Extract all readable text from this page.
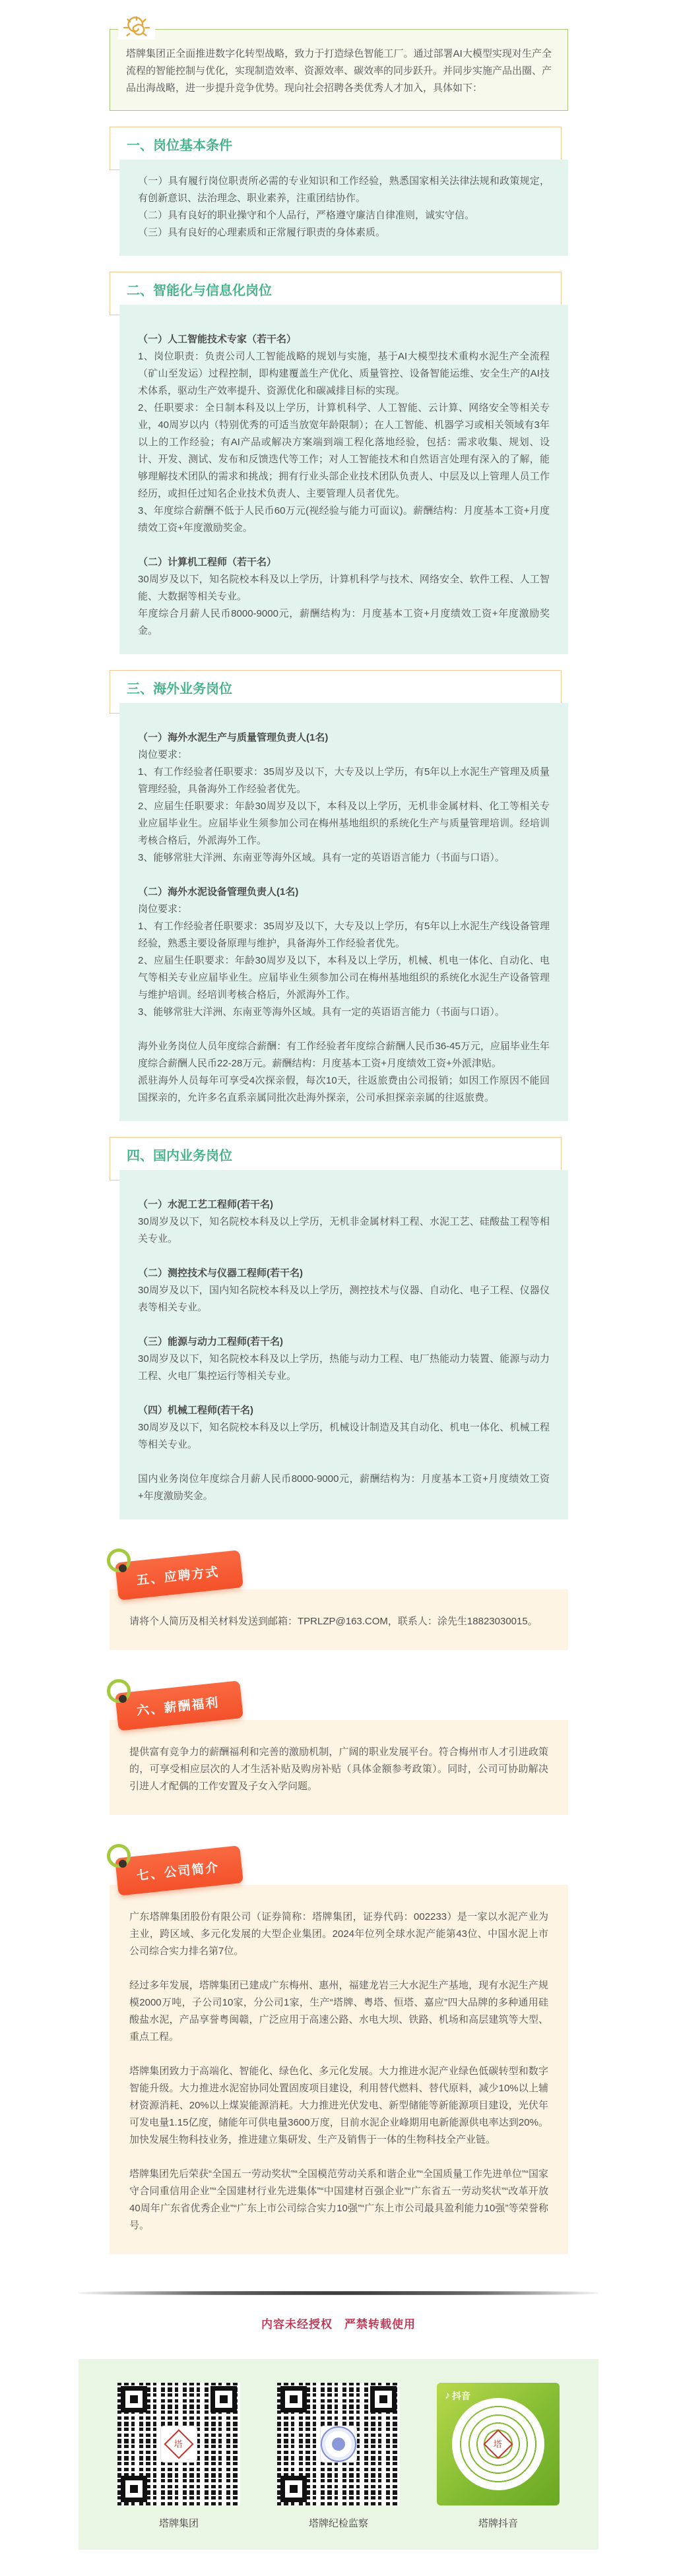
塔牌集团正全面推进数字化转型战略，致力于打造绿色智能工厂。通过部署AI大模型实现对生产全流程的智能控制与优化，实现制造效率、资源效率、碳效率的同步跃升。并同步实施产品出圈、产品出海战略，进一步提升竞争优势。现向社会招聘各类优秀人才加入，具体如下：

一、岗位基本条件

（一）具有履行岗位职责所必需的专业知识和工作经验，熟悉国家相关法律法规和政策规定，有创新意识、法治理念、职业素养，注重团结协作。

（二）具有良好的职业操守和个人品行，严格遵守廉洁自律准则，诚实守信。

（三）具有良好的心理素质和正常履行职责的身体素质。

二、智能化与信息化岗位

（一）人工智能技术专家（若干名）

1、岗位职责：负责公司人工智能战略的规划与实施，基于AI大模型技术重构水泥生产全流程（矿山至发运）过程控制，即构建覆盖生产优化、质量管控、设备智能运维、安全生产的AI技术体系，驱动生产效率提升、资源优化和碳减排目标的实现。

2、任职要求：全日制本科及以上学历，计算机科学、人工智能、云计算、网络安全等相关专业，40周岁以内（特别优秀的可适当放宽年龄限制）；在人工智能、机器学习或相关领域有3年以上的工作经验；有AI产品或解决方案端到端工程化落地经验，包括：需求收集、规划、设计、开发、测试、发布和反馈迭代等工作；对人工智能技术和自然语言处理有深入的了解，能够理解技术团队的需求和挑战；拥有行业头部企业技术团队负责人、中层及以上管理人员工作经历，或担任过知名企业技术负责人、主要管理人员者优先。

3、年度综合薪酬不低于人民币60万元(视经验与能力可面议)。薪酬结构：月度基本工资+月度绩效工资+年度激励奖金。

（二）计算机工程师（若干名）

30周岁及以下，知名院校本科及以上学历，计算机科学与技术、网络安全、软件工程、人工智能、大数据等相关专业。

年度综合月薪人民币8000-9000元，薪酬结构为：月度基本工资+月度绩效工资+年度激励奖金。

三、海外业务岗位

（一）海外水泥生产与质量管理负责人(1名)

岗位要求：

1、有工作经验者任职要求：35周岁及以下，大专及以上学历，有5年以上水泥生产管理及质量管理经验，具备海外工作经验者优先。

2、应届生任职要求：年龄30周岁及以下，本科及以上学历，无机非金属材料、化工等相关专业应届毕业生。应届毕业生须参加公司在梅州基地组织的系统化生产与质量管理培训。经培训考核合格后，外派海外工作。

3、能够常驻大洋洲、东南亚等海外区域。具有一定的英语语言能力（书面与口语）。

（二）海外水泥设备管理负责人(1名)

岗位要求：

1、有工作经验者任职要求：35周岁及以下，大专及以上学历，有5年以上水泥生产线设备管理经验，熟悉主要设备原理与维护，具备海外工作经验者优先。

2、应届生任职要求：年龄30周岁及以下，本科及以上学历，机械、机电一体化、自动化、电气等相关专业应届毕业生。应届毕业生须参加公司在梅州基地组织的系统化水泥生产设备管理与维护培训。经培训考核合格后，外派海外工作。

3、能够常驻大洋洲、东南亚等海外区域。具有一定的英语语言能力（书面与口语）。

海外业务岗位人员年度综合薪酬：有工作经验者年度综合薪酬人民币36-45万元，应届毕业生年度综合薪酬人民币22-28万元。薪酬结构：月度基本工资+月度绩效工资+外派津贴。

派驻海外人员每年可享受4次探亲假，每次10天，往返旅费由公司报销；如因工作原因不能回国探亲的，允许多名直系亲属同批次赴海外探亲，公司承担探亲亲属的往返旅费。

四、国内业务岗位

（一）水泥工艺工程师(若干名)

30周岁及以下，知名院校本科及以上学历，无机非金属材料工程、水泥工艺、硅酸盐工程等相关专业。

（二）测控技术与仪器工程师(若干名)

30周岁及以下，国内知名院校本科及以上学历，测控技术与仪器、自动化、电子工程、仪器仪表等相关专业。

（三）能源与动力工程师(若干名)

30周岁及以下，知名院校本科及以上学历，热能与动力工程、电厂热能动力装置、能源与动力工程、火电厂集控运行等相关专业。

（四）机械工程师(若干名)

30周岁及以下，知名院校本科及以上学历，机械设计制造及其自动化、机电一体化、机械工程等相关专业。

国内业务岗位年度综合月薪人民币8000-9000元，薪酬结构为：月度基本工资+月度绩效工资+年度激励奖金。

五、应聘方式

请将个人简历及相关材料发送到邮箱：TPRLZP@163.COM，联系人：涂先生18823030015。

六、薪酬福利

提供富有竞争力的薪酬福利和完善的激励机制，广阔的职业发展平台。符合梅州市人才引进政策的，可享受相应层次的人才生活补贴及购房补贴（具体金额参考政策）。同时，公司可协助解决引进人才配偶的工作安置及子女入学问题。

七、公司简介

广东塔牌集团股份有限公司（证券简称：塔牌集团，证券代码：002233）是一家以水泥产业为主业，跨区域、多元化发展的大型企业集团。2024年位列全球水泥产能第43位、中国水泥上市公司综合实力排名第7位。

经过多年发展，塔牌集团已建成广东梅州、惠州，福建龙岩三大水泥生产基地，现有水泥生产规模2000万吨，子公司10家，分公司1家，生产“塔牌、粤塔、恒塔、嘉应”四大品牌的多种通用硅酸盐水泥，产品享誉粤闽赣，广泛应用于高速公路、水电大坝、铁路、机场和高层建筑等大型、重点工程。

塔牌集团致力于高端化、智能化、绿色化、多元化发展。大力推进水泥产业绿色低碳转型和数字智能升级。大力推进水泥窑协同处置固废项目建设，利用替代燃料、替代原料，减少10%以上辅材资源消耗、20%以上煤炭能源消耗。大力推进光伏发电、新型储能等新能源项目建设，光伏年可发电量1.15亿度，储能年可供电量3600万度，目前水泥企业峰期用电新能源供电率达到20%。加快发展生物科技业务，推进建立集研发、生产及销售于一体的生物科技全产业链。

塔牌集团先后荣获“全国五一劳动奖状”“全国模范劳动关系和谐企业”“全国质量工作先进单位”“国家守合同重信用企业”“全国建材行业先进集体”“中国建材百强企业”“广东省五一劳动奖状”“改革开放40周年广东省优秀企业”“广东上市公司综合实力10强”“广东上市公司最具盈利能力10强”等荣誉称号。

内容未经授权　严禁转载使用
塔
塔牌集团	塔牌纪检监察
♪ 抖音
塔
塔牌抖音
